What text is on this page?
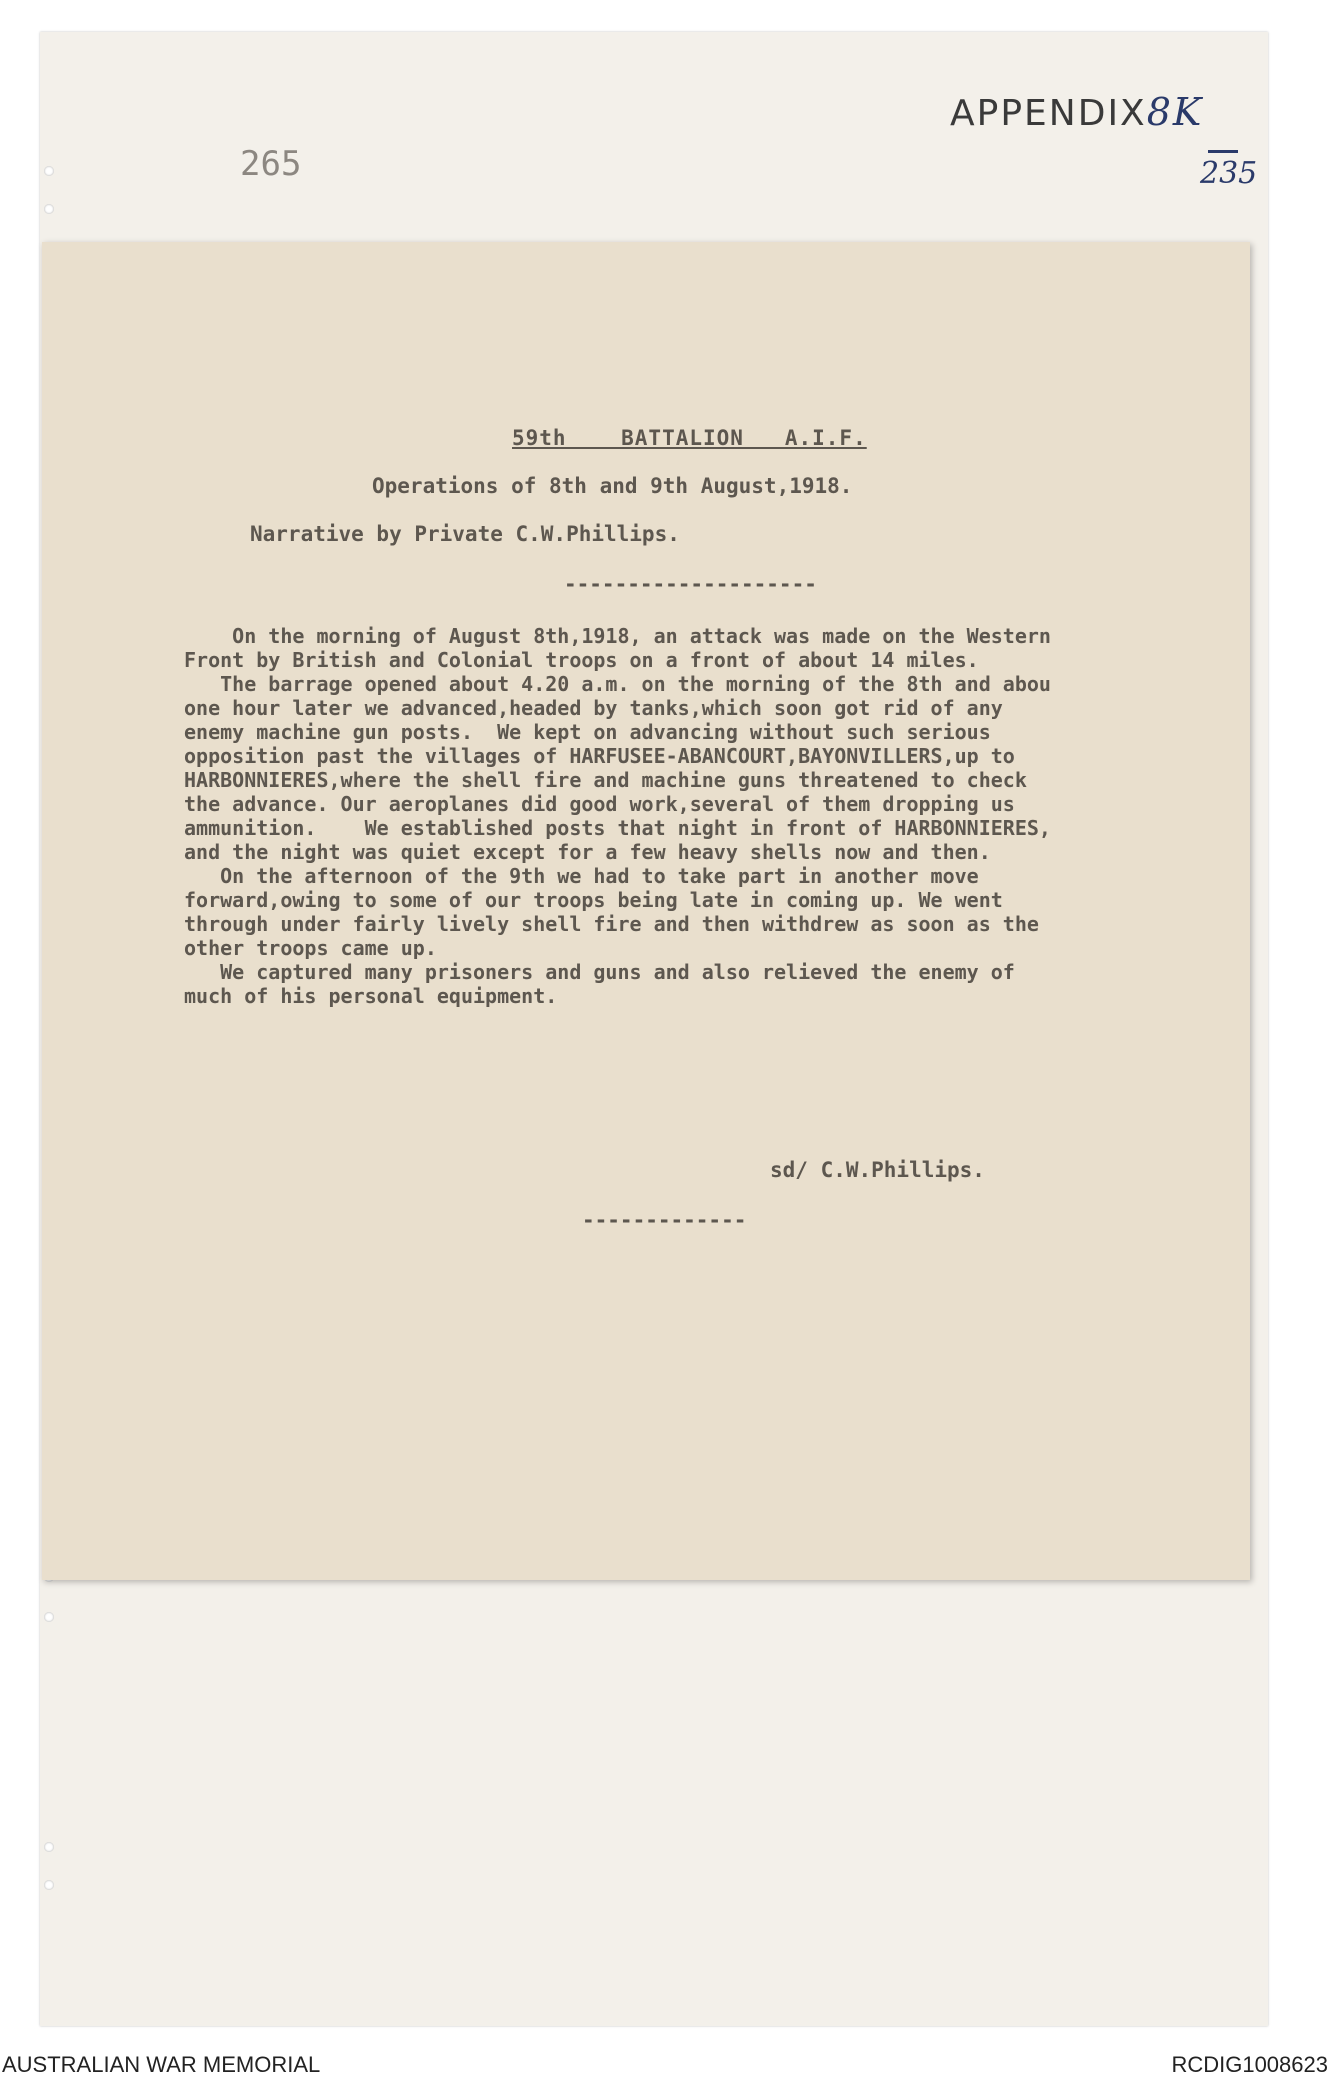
265
APPENDIX8K
235
59th    BATTALION   A.I.F.
Operations of 8th and 9th August,1918.
Narrative by Private C.W.Phillips.
--------------------
On the morning of August 8th,1918, an attack was made on the Western
Front by British and Colonial troops on a front of about 14 miles.
The barrage opened about 4.20 a.m. on the morning of the 8th and abou
one hour later we advanced,headed by tanks,which soon got rid of any
enemy machine gun posts.  We kept on advancing without such serious
opposition past the villages of HARFUSEE-ABANCOURT,BAYONVILLERS,up to
HARBONNIERES,where the shell fire and machine guns threatened to check
the advance. Our aeroplanes did good work,several of them dropping us
ammunition.    We established posts that night in front of HARBONNIERES,
and the night was quiet except for a few heavy shells now and then.
On the afternoon of the 9th we had to take part in another move
forward,owing to some of our troops being late in coming up. We went
through under fairly lively shell fire and then withdrew as soon as the
other troops came up.
We captured many prisoners and guns and also relieved the enemy of
much of his personal equipment.
sd/ C.W.Phillips.
-------------
AUSTRALIAN WAR MEMORIAL	RCDIG1008623
